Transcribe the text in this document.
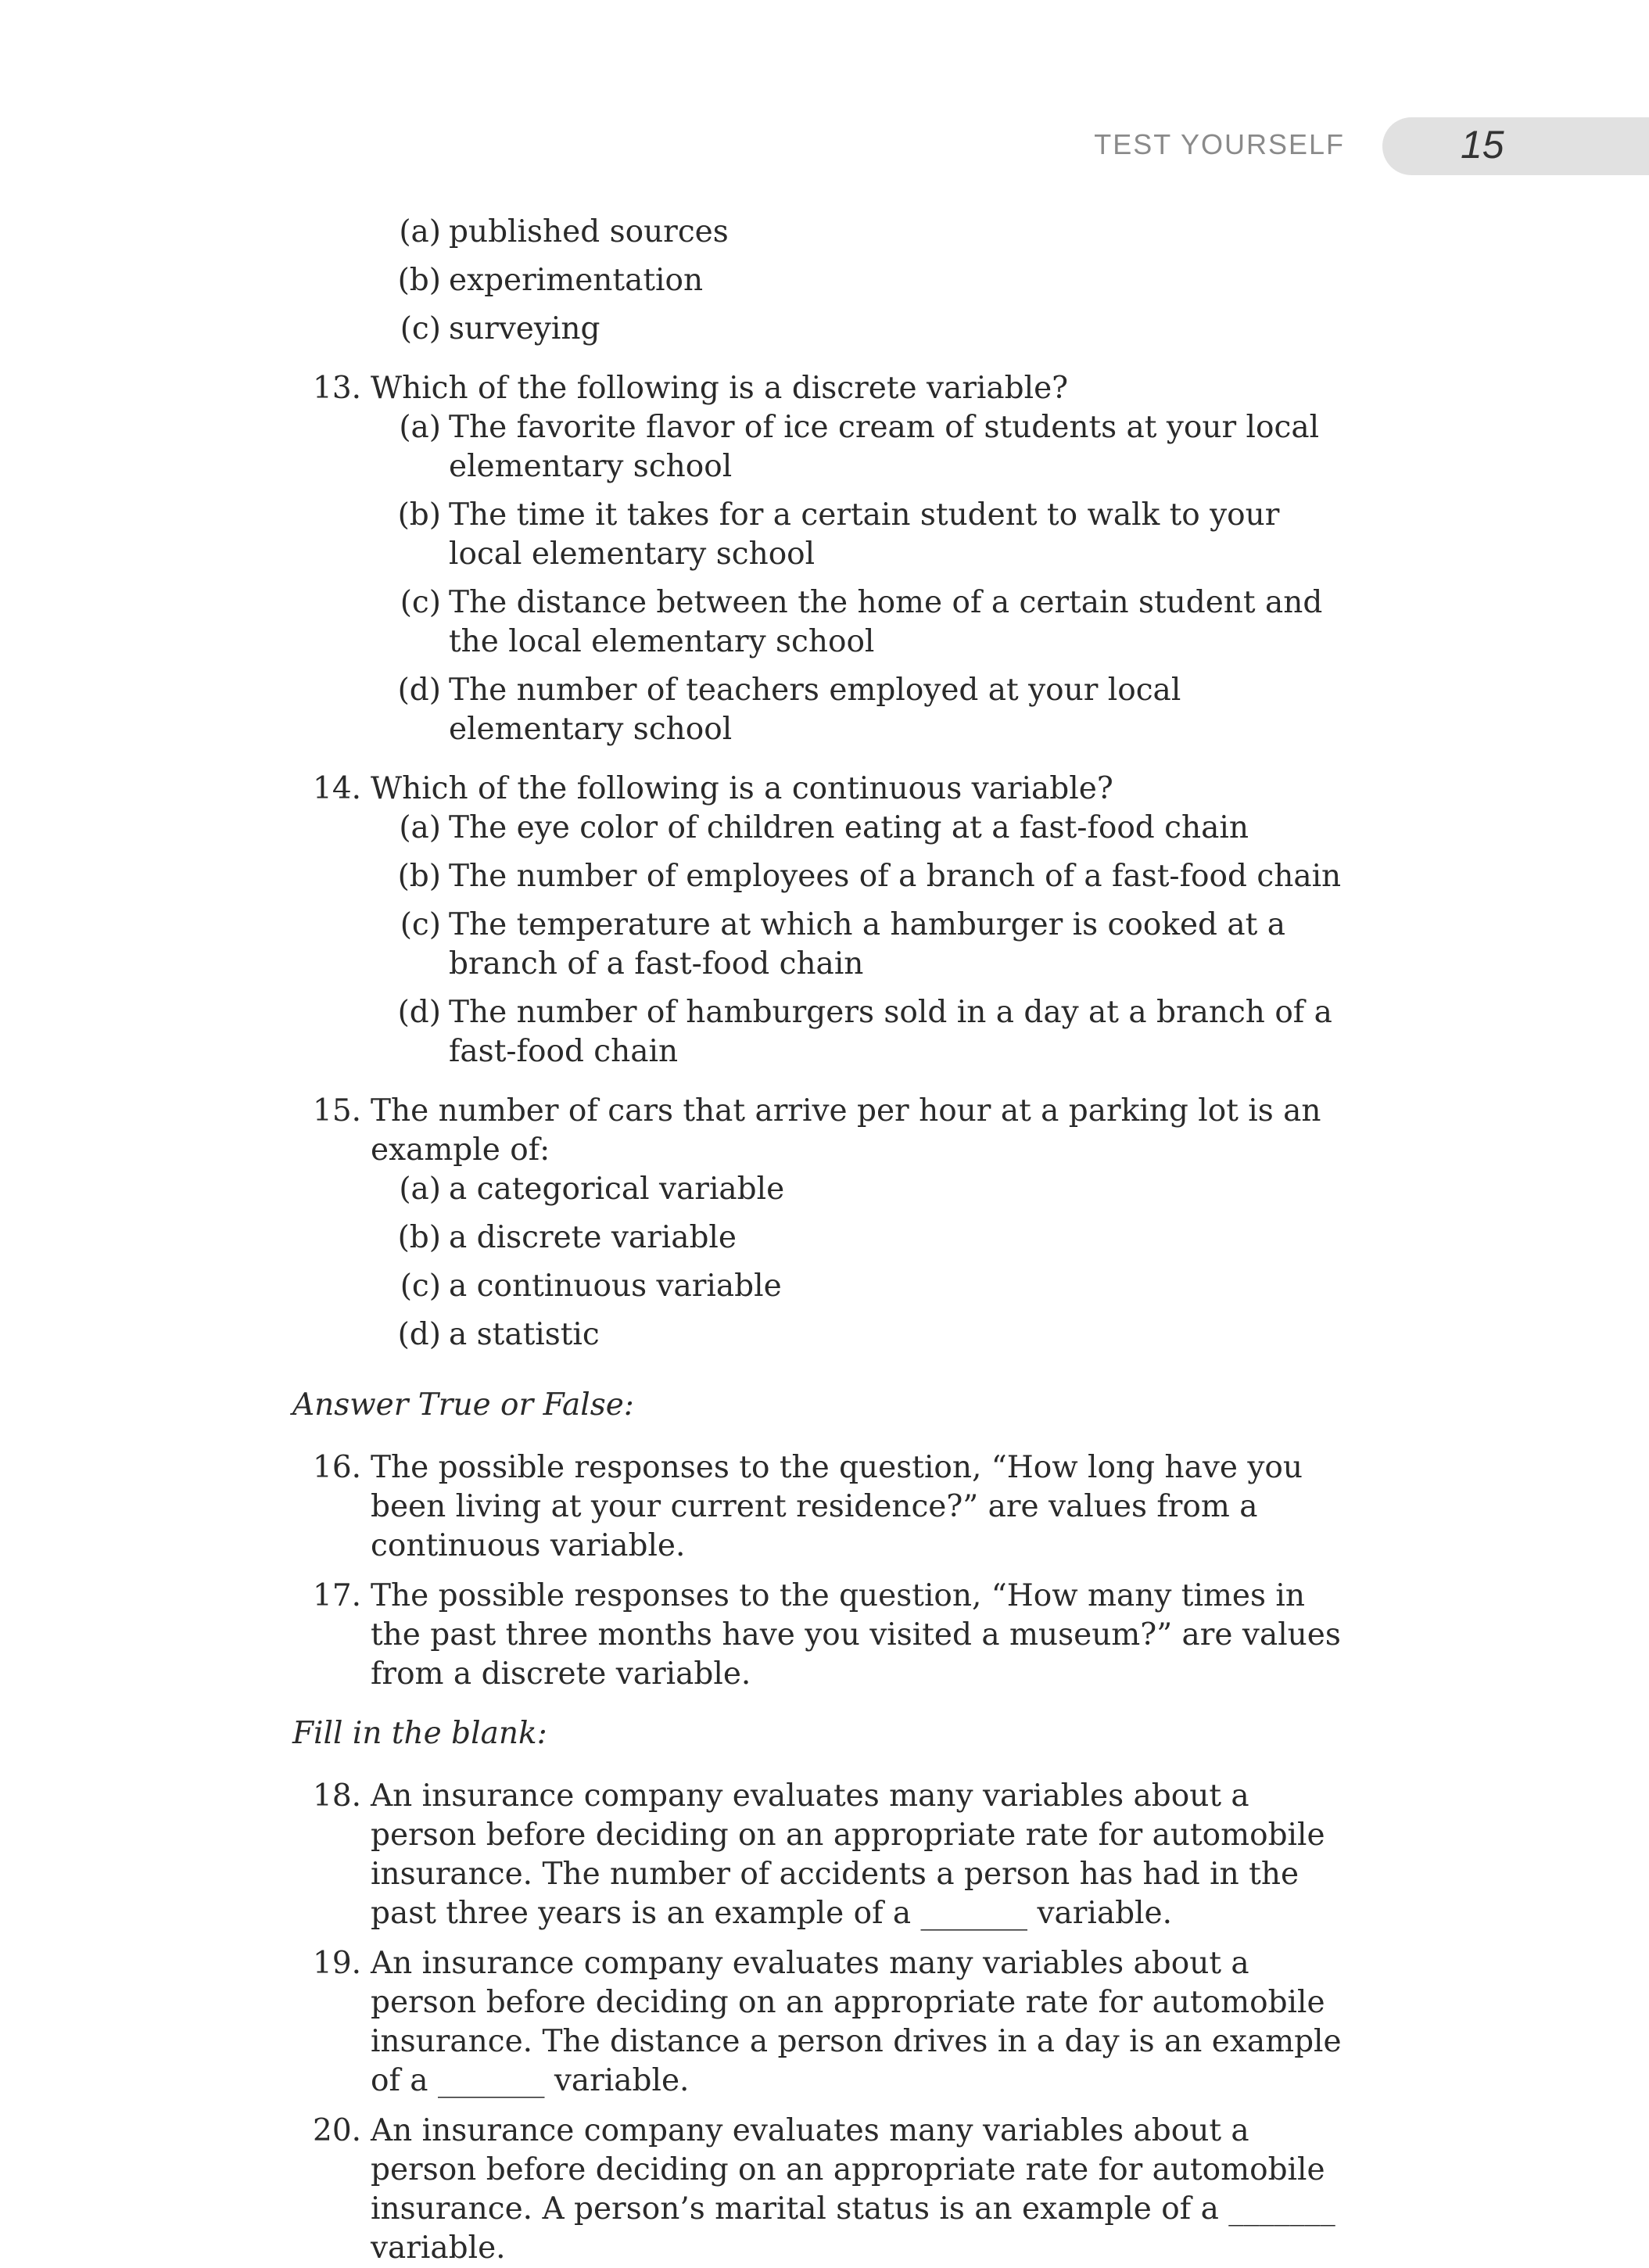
TEST YOURSELF	15
(a) published sources
(b) experimentation
(c) surveying
13. Which of the following is a discrete variable?
(a) The favorite flavor of ice cream of students at your local elementary school
(b) The time it takes for a certain student to walk to your local elementary school
(c) The distance between the home of a certain student and the local elementary school
(d) The number of teachers employed at your local elementary school
14. Which of the following is a continuous variable?
(a) The eye color of children eating at a fast-food chain
(b) The number of employees of a branch of a fast-food chain
(c) The temperature at which a hamburger is cooked at a branch of a fast-food chain
(d) The number of hamburgers sold in a day at a branch of a fast-food chain
15. The number of cars that arrive per hour at a parking lot is an example of:
(a) a categorical variable
(b) a discrete variable
(c) a continuous variable
(d) a statistic
Answer True or False:
16. The possible responses to the question, “How long have you been living at your current residence?” are values from a continuous variable.
17. The possible responses to the question, “How many times in the past three months have you visited a museum?” are values from a discrete variable.
Fill in the blank:
18. An insurance company evaluates many variables about a person before deciding on an appropriate rate for automobile insurance. The number of accidents a person has had in the past three years is an example of a _______ variable.
19. An insurance company evaluates many variables about a person before deciding on an appropriate rate for automobile insurance. The distance a person drives in a day is an example of a _______ variable.
20. An insurance company evaluates many variables about a person before deciding on an appropriate rate for automobile insurance. A person’s marital status is an example of a _______ variable.
